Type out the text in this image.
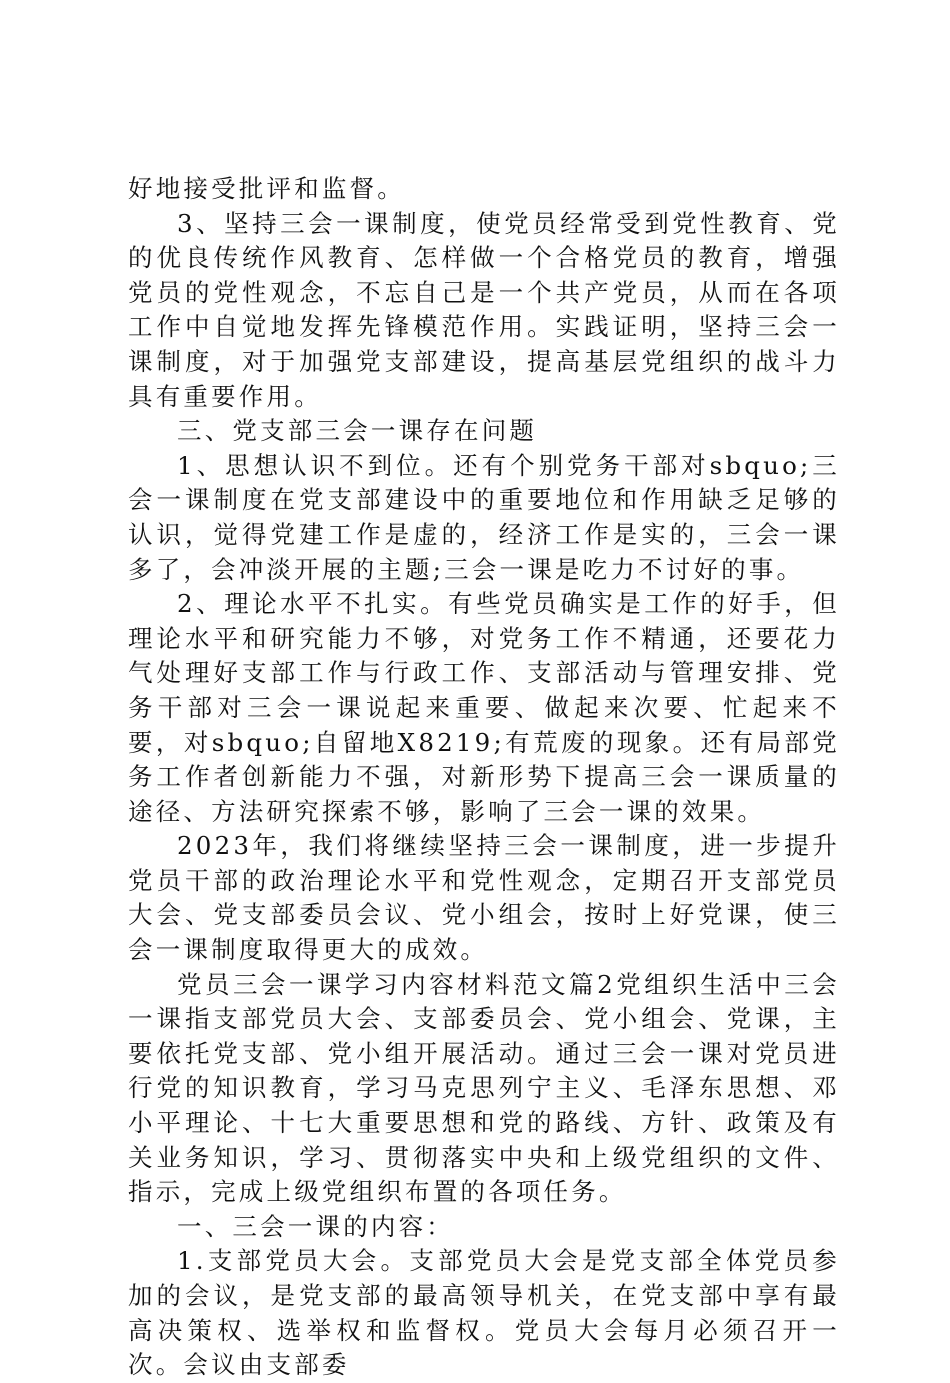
好地接受批评和监督。

3、坚持三会一课制度，使党员经常受到党性教育、党的优良传统作风教育、怎样做一个合格党员的教育，增强党员的党性观念，不忘自己是一个共产党员，从而在各项工作中自觉地发挥先锋模范作用。实践证明，坚持三会一课制度，对于加强党支部建设，提高基层党组织的战斗力具有重要作用。

三、党支部三会一课存在问题

1、思想认识不到位。还有个别党务干部对sbquo;三会一课制度在党支部建设中的重要地位和作用缺乏足够的认识，觉得党建工作是虚的，经济工作是实的，三会一课多了，会冲淡开展的主题;三会一课是吃力不讨好的事。

2、理论水平不扎实。有些党员确实是工作的好手，但理论水平和研究能力不够，对党务工作不精通，还要花力气处理好支部工作与行政工作、支部活动与管理安排、党务干部对三会一课说起来重要、做起来次要、忙起来不要，对sbquo;自留地X8219;有荒废的现象。还有局部党务工作者创新能力不强，对新形势下提高三会一课质量的途径、方法研究探索不够，影响了三会一课的效果。

2023年，我们将继续坚持三会一课制度，进一步提升党员干部的政治理论水平和党性观念，定期召开支部党员大会、党支部委员会议、党小组会，按时上好党课，使三会一课制度取得更大的成效。

党员三会一课学习内容材料范文篇2党组织生活中三会一课指支部党员大会、支部委员会、党小组会、党课，主要依托党支部、党小组开展活动。通过三会一课对党员进行党的知识教育，学习马克思列宁主义、毛泽东思想、邓小平理论、十七大重要思想和党的路线、方针、政策及有关业务知识，学习、贯彻落实中央和上级党组织的文件、指示，完成上级党组织布置的各项任务。

一、三会一课的内容：

1.支部党员大会。支部党员大会是党支部全体党员参加的会议，是党支部的最高领导机关，在党支部中享有最高决策权、选举权和监督权。党员大会每月必须召开一次。会议由支部委
